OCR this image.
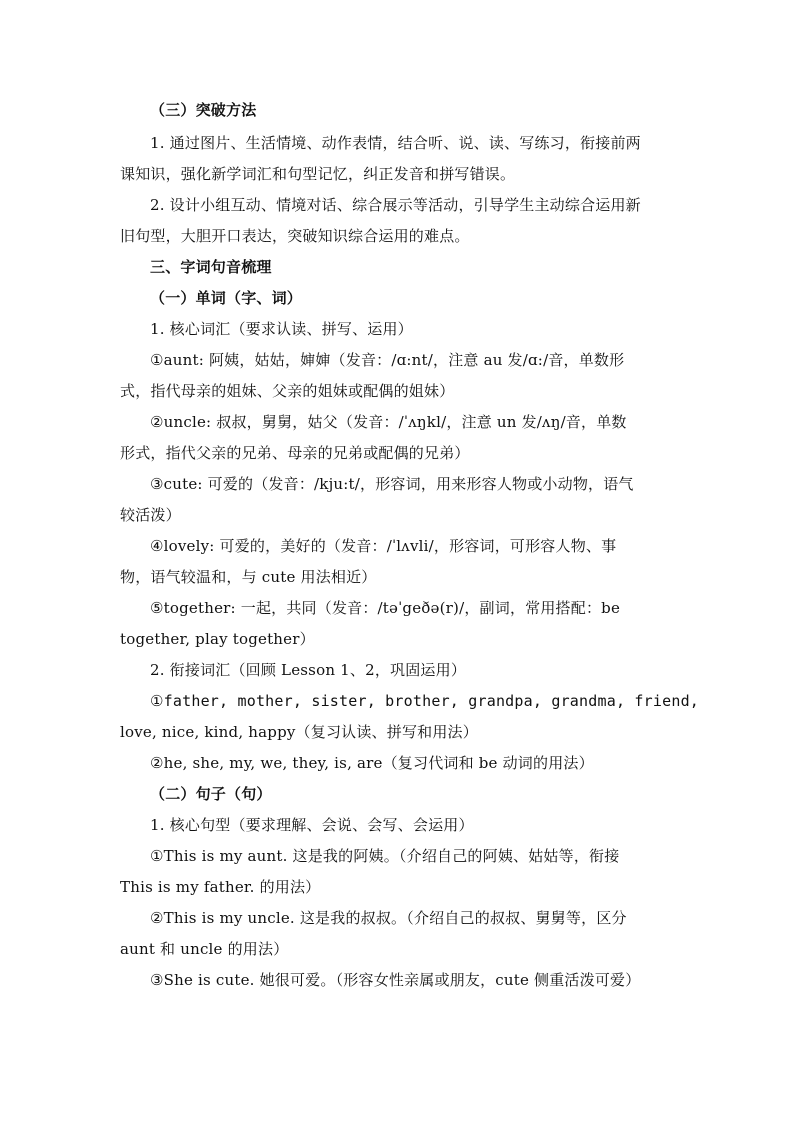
（三）突破方法
1. 通过图片、生活情境、动作表情，结合听、说、读、写练习，衔接前两
课知识，强化新学词汇和句型记忆，纠正发音和拼写错误。
2. 设计小组互动、情境对话、综合展示等活动，引导学生主动综合运用新
旧句型，大胆开口表达，突破知识综合运用的难点。
三、字词句音梳理
（一）单词（字、词）
1. 核心词汇（要求认读、拼写、运用）
①aunt: 阿姨，姑姑，婶婶（发音：/ɑ:nt/，注意 au 发/ɑ:/音，单数形
式，指代母亲的姐妹、父亲的姐妹或配偶的姐妹）
②uncle: 叔叔，舅舅，姑父（发音：/ˈʌŋkl/，注意 un 发/ʌŋ/音，单数
形式，指代父亲的兄弟、母亲的兄弟或配偶的兄弟）
③cute: 可爱的（发音：/kju:t/，形容词，用来形容人物或小动物，语气
较活泼）
④lovely: 可爱的，美好的（发音：/ˈlʌvli/，形容词，可形容人物、事
物，语气较温和，与 cute 用法相近）
⑤together: 一起，共同（发音：/təˈgeðə(r)/，副词，常用搭配：be
together, play together）
2. 衔接词汇（回顾 Lesson 1、2，巩固运用）
①father, mother, sister, brother, grandpa, grandma, friend,
love, nice, kind, happy（复习认读、拼写和用法）
②he, she, my, we, they, is, are（复习代词和 be 动词的用法）
（二）句子（句）
1. 核心句型（要求理解、会说、会写、会运用）
①This is my aunt. 这是我的阿姨。（介绍自己的阿姨、姑姑等，衔接
This is my father. 的用法）
②This is my uncle. 这是我的叔叔。（介绍自己的叔叔、舅舅等，区分
aunt 和 uncle 的用法）
③She is cute. 她很可爱。（形容女性亲属或朋友，cute 侧重活泼可爱）
